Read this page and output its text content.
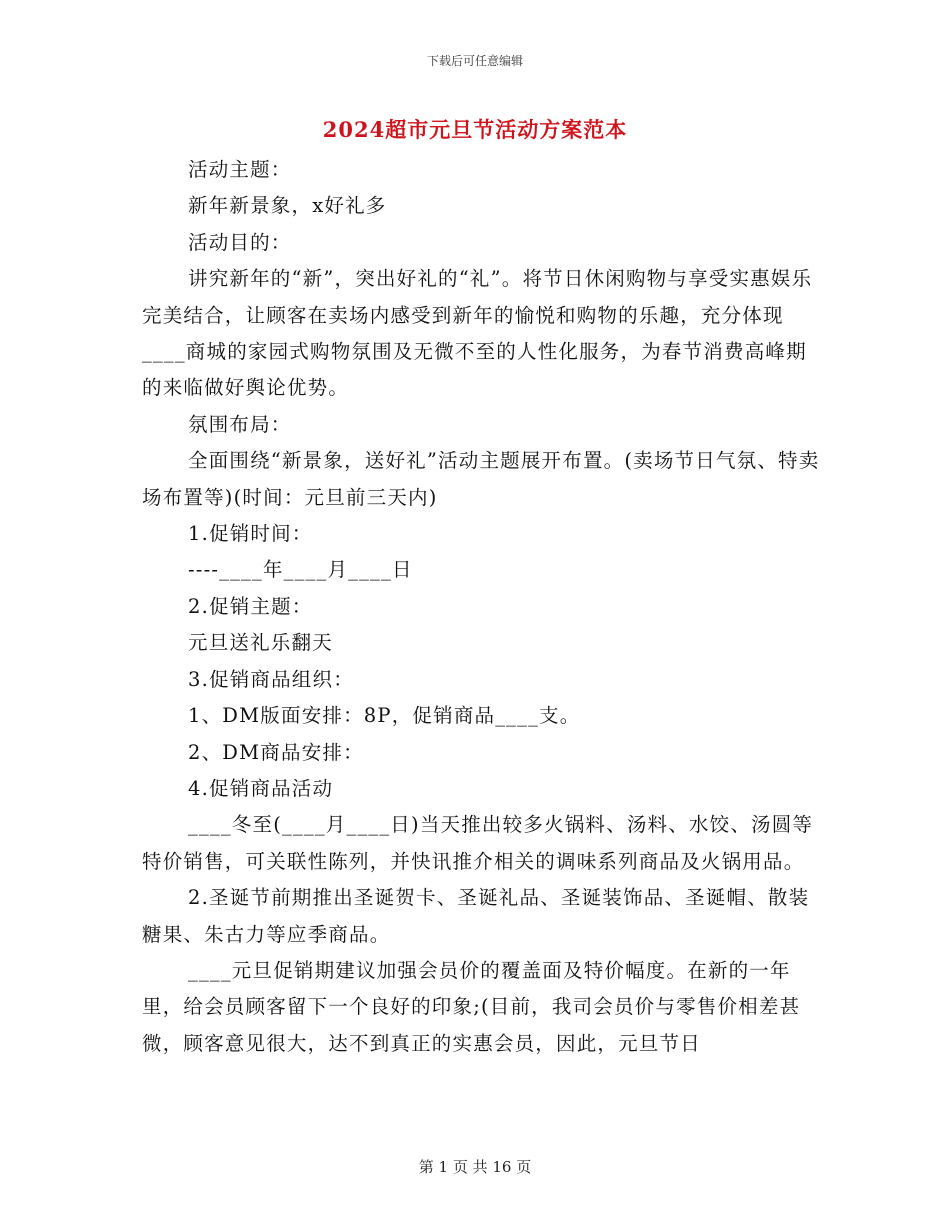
下载后可任意编辑
2024超市元旦节活动方案范本

活动主题：

新年新景象，x好礼多

活动目的：

讲究新年的“新”，突出好礼的“礼”。将节日休闲购物与享受实惠娱乐完美结合，让顾客在卖场内感受到新年的愉悦和购物的乐趣，充分体现____商城的家园式购物氛围及无微不至的人性化服务，为春节消费高峰期的来临做好舆论优势。

氛围布局：

全面围绕“新景象，送好礼”活动主题展开布置。(卖场节日气氛、特卖场布置等)(时间：元旦前三天内)

1.促销时间：

----____年____月____日

2.促销主题：

元旦送礼乐翻天

3.促销商品组织：

1、DM版面安排：8P，促销商品____支。

2、DM商品安排：

4.促销商品活动

____冬至(____月____日)当天推出较多火锅料、汤料、水饺、汤圆等特价销售，可关联性陈列，并快讯推介相关的调味系列商品及火锅用品。

2.圣诞节前期推出圣诞贺卡、圣诞礼品、圣诞装饰品、圣诞帽、散装糖果、朱古力等应季商品。

____元旦促销期建议加强会员价的覆盖面及特价幅度。在新的一年里，给会员顾客留下一个良好的印象;(目前，我司会员价与零售价相差甚微，顾客意见很大，达不到真正的实惠会员，因此，元旦节日

第 1 页 共 16 页
